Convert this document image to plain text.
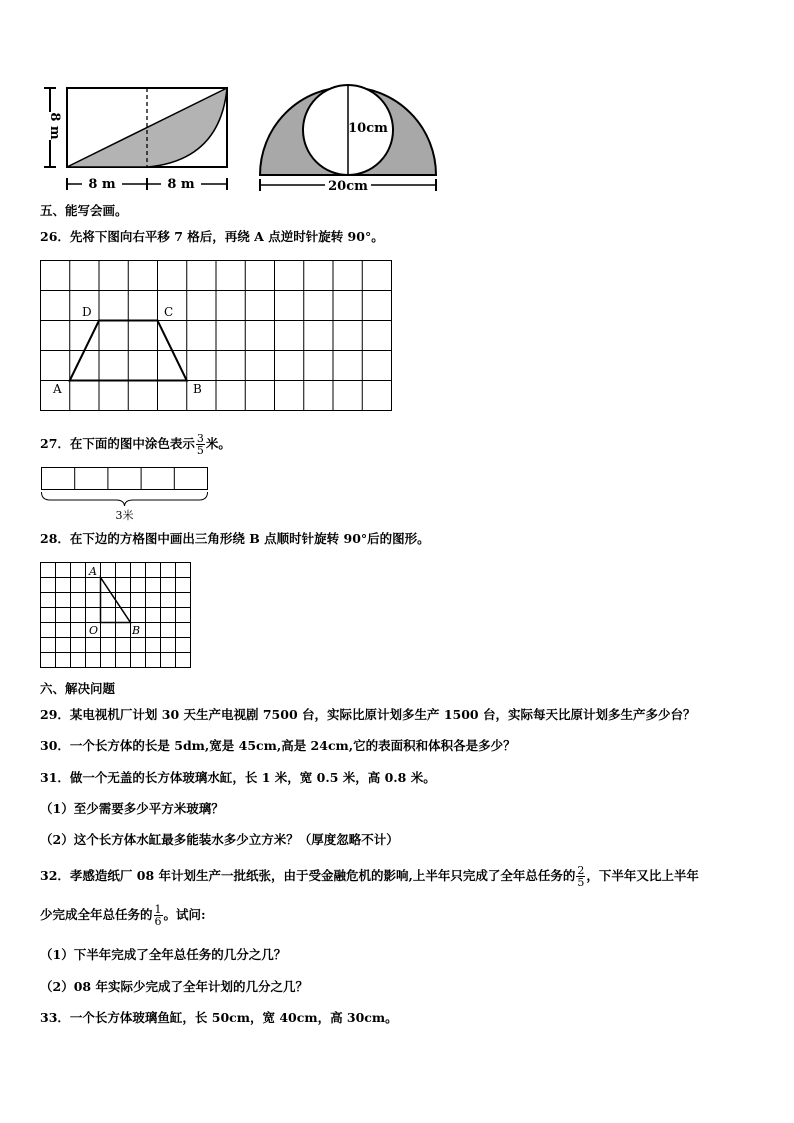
8 m
8 m	8 m
10cm
20cm
五、能写会画。
26．先将下图向右平移 7 格后，再绕 A 点逆时针旋转 90°。
A	B
C
D
27．在下面的图中涂色表示 $\frac{3}{5}$ 米。
3米
28．在下边的方格图中画出三角形绕 B 点顺时针旋转 90°后的图形。
A
O	B
六、解决问题
29．某电视机厂计划 30 天生产电视剧 7500 台，实际比原计划多生产 1500 台，实际每天比原计划多生产多少台？
30．一个长方体的长是 5dm,宽是 45cm,高是 24cm,它的表面积和体积各是多少？
31．做一个无盖的长方体玻璃水缸，长 1 米，宽 0.5 米，高 0.8 米。
（1）至少需要多少平方米玻璃？
（2）这个长方体水缸最多能装水多少立方米？（厚度忽略不计）
32．孝感造纸厂 08 年计划生产一批纸张，由于受金融危机的影响,上半年只完成了全年总任务的 $\frac{2}{5}$ ，下半年又比上半年
少完成全年总任务的 $\frac{1}{6}$ 。试问:
（1）下半年完成了全年总任务的几分之几？
（2）08 年实际少完成了全年计划的几分之几？
33．一个长方体玻璃鱼缸，长 50cm，宽 40cm，高 30cm。
